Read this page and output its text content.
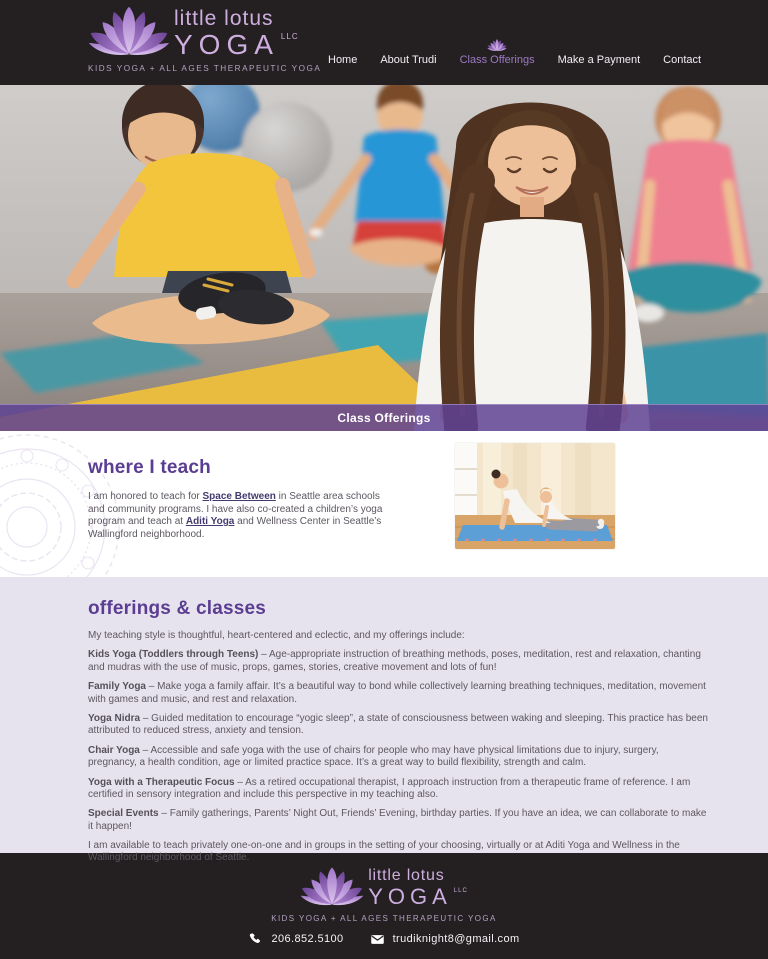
little lotus
YOGA LLC
KIDS YOGA + ALL AGES THERAPEUTIC YOGA
Home About Trudi Class Offerings Make a Payment Contact
Class Offerings
where I teach

I am honored to teach for Space Between in Seattle area schools and community programs. I have also co-created a children’s yoga program and teach at Aditi Yoga and Wellness Center in Seattle’s Wallingford neighborhood.

offerings & classes

My teaching style is thoughtful, heart-centered and eclectic, and my offerings include:

Kids Yoga (Toddlers through Teens) – Age-appropriate instruction of breathing methods, poses, meditation, rest and relaxation, chanting and mudras with the use of music, props, games, stories, creative movement and lots of fun!

Family Yoga – Make yoga a family affair. It’s a beautiful way to bond while collectively learning breathing techniques, meditation, movement with games and music, and rest and relaxation.

Yoga Nidra – Guided meditation to encourage “yogic sleep”, a state of consciousness between waking and sleeping. This practice has been attributed to reduced stress, anxiety and tension.

Chair Yoga – Accessible and safe yoga with the use of chairs for people who may have physical limitations due to injury, surgery, pregnancy, a health condition, age or limited practice space. It’s a great way to build flexibility, strength and calm.

Yoga with a Therapeutic Focus – As a retired occupational therapist, I approach instruction from a therapeutic frame of reference. I am certified in sensory integration and include this perspective in my teaching also.

Special Events – Family gatherings, Parents’ Night Out, Friends’ Evening, birthday parties. If you have an idea, we can collaborate to make it happen!

I am available to teach privately one-on-one and in groups in the setting of your choosing, virtually or at Aditi Yoga and Wellness in the Wallingford neighborhood of Seattle.

little lotus
YOGA LLC
KIDS YOGA + ALL AGES THERAPEUTIC YOGA
206.852.5100	trudiknight8@gmail.com
